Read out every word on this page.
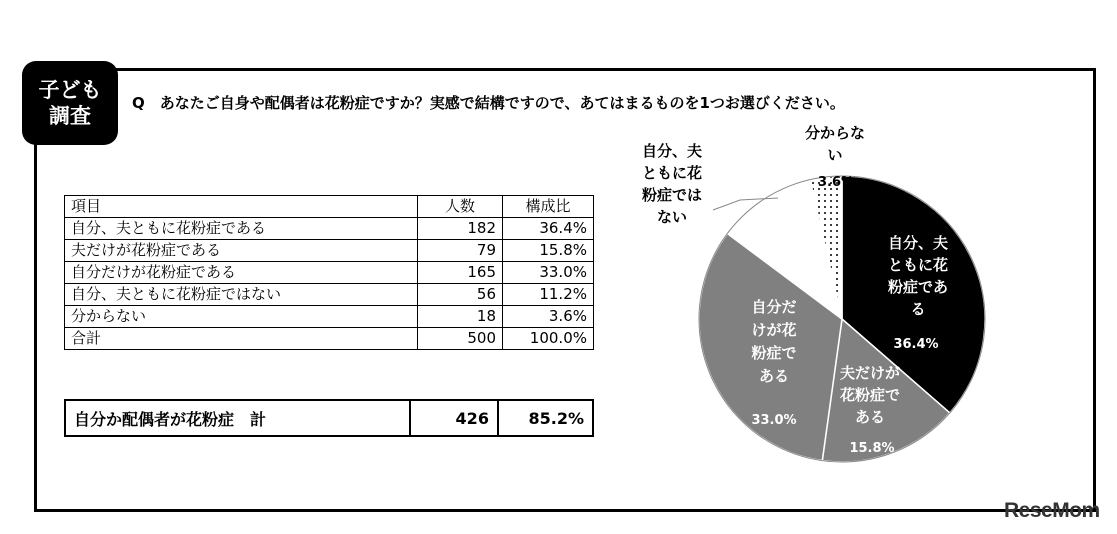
子ども
調査
Q　あなたご自身や配偶者は花粉症ですか？実感で結構ですので、あてはまるものを1つお選びください。
項目	人数	構成比
自分、夫ともに花粉症である	182	36.4%
夫だけが花粉症である	79	15.8%
自分だけが花粉症である	165	33.0%
自分、夫ともに花粉症ではない	56	11.2%
分からない	18	3.6%
合計	500	100.0%
自分か配偶者が花粉症　計	426	85.2%
自分、夫
ともに花
粉症であ
る
36.4%
夫だけが
花粉症で
ある
15.8%
自分だ
けが花
粉症で
ある
33.0%
自分、夫
ともに花
粉症では
ない
分からな
い
3.6%
ReseMom
